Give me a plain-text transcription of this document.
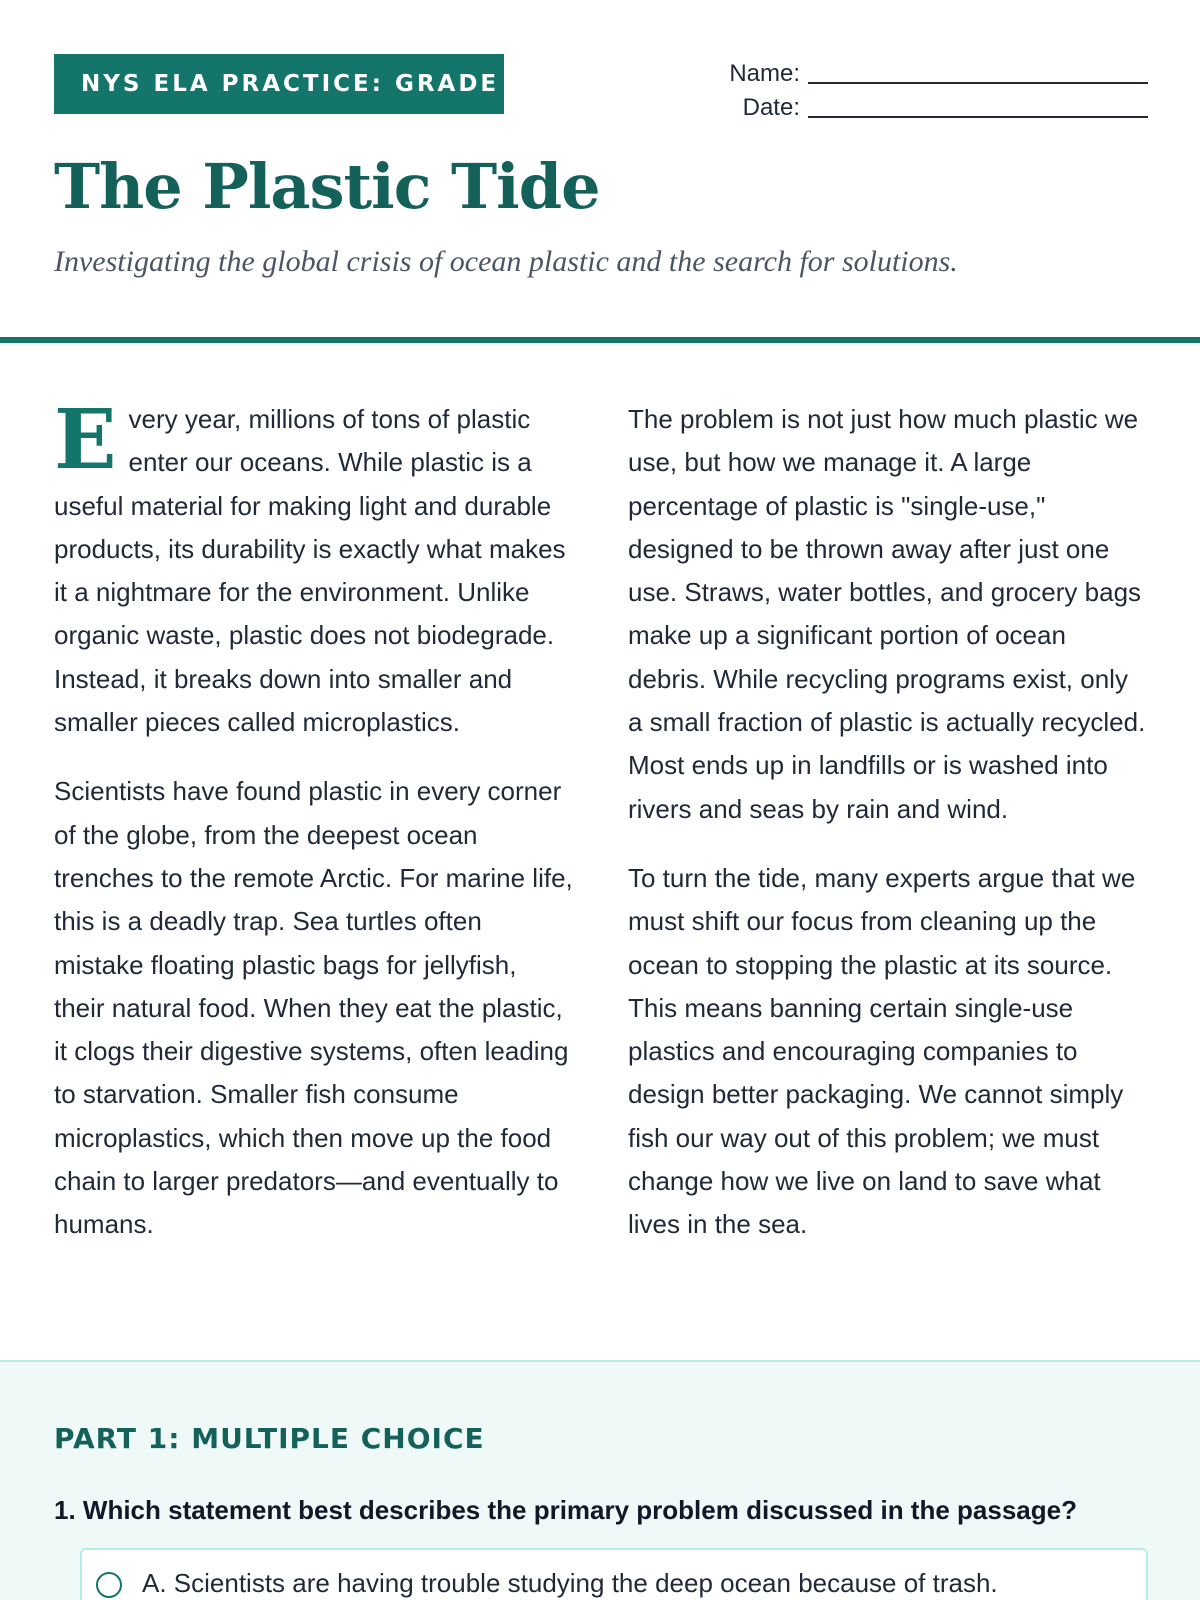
NYS ELA PRACTICE: GRADE 6	Name:
Date:
The Plastic Tide
Investigating the global crisis of ocean plastic and the search for solutions.

Every year, millions of tons of plastic enter our oceans. While plastic is a useful material for making light and durable products, its durability is exactly what makes it a nightmare for the environment. Unlike organic waste, plastic does not biodegrade. Instead, it breaks down into smaller and smaller pieces called microplastics.

Scientists have found plastic in every corner of the globe, from the deepest ocean trenches to the remote Arctic. For marine life, this is a deadly trap. Sea turtles often mistake floating plastic bags for jellyfish, their natural food. When they eat the plastic, it clogs their digestive systems, often leading to starvation. Smaller fish consume microplastics, which then move up the food chain to larger predators—and eventually to humans.

The problem is not just how much plastic we use, but how we manage it. A large percentage of plastic is "single-use," designed to be thrown away after just one use. Straws, water bottles, and grocery bags make up a significant portion of ocean debris. While recycling programs exist, only a small fraction of plastic is actually recycled. Most ends up in landfills or is washed into rivers and seas by rain and wind.

To turn the tide, many experts argue that we must shift our focus from cleaning up the ocean to stopping the plastic at its source. This means banning certain single-use plastics and encouraging companies to design better packaging. We cannot simply fish our way out of this problem; we must change how we live on land to save what lives in the sea.

PART 1: MULTIPLE CHOICE
1. Which statement best describes the primary problem discussed in the passage?
A. Scientists are having trouble studying the deep ocean because of trash.
